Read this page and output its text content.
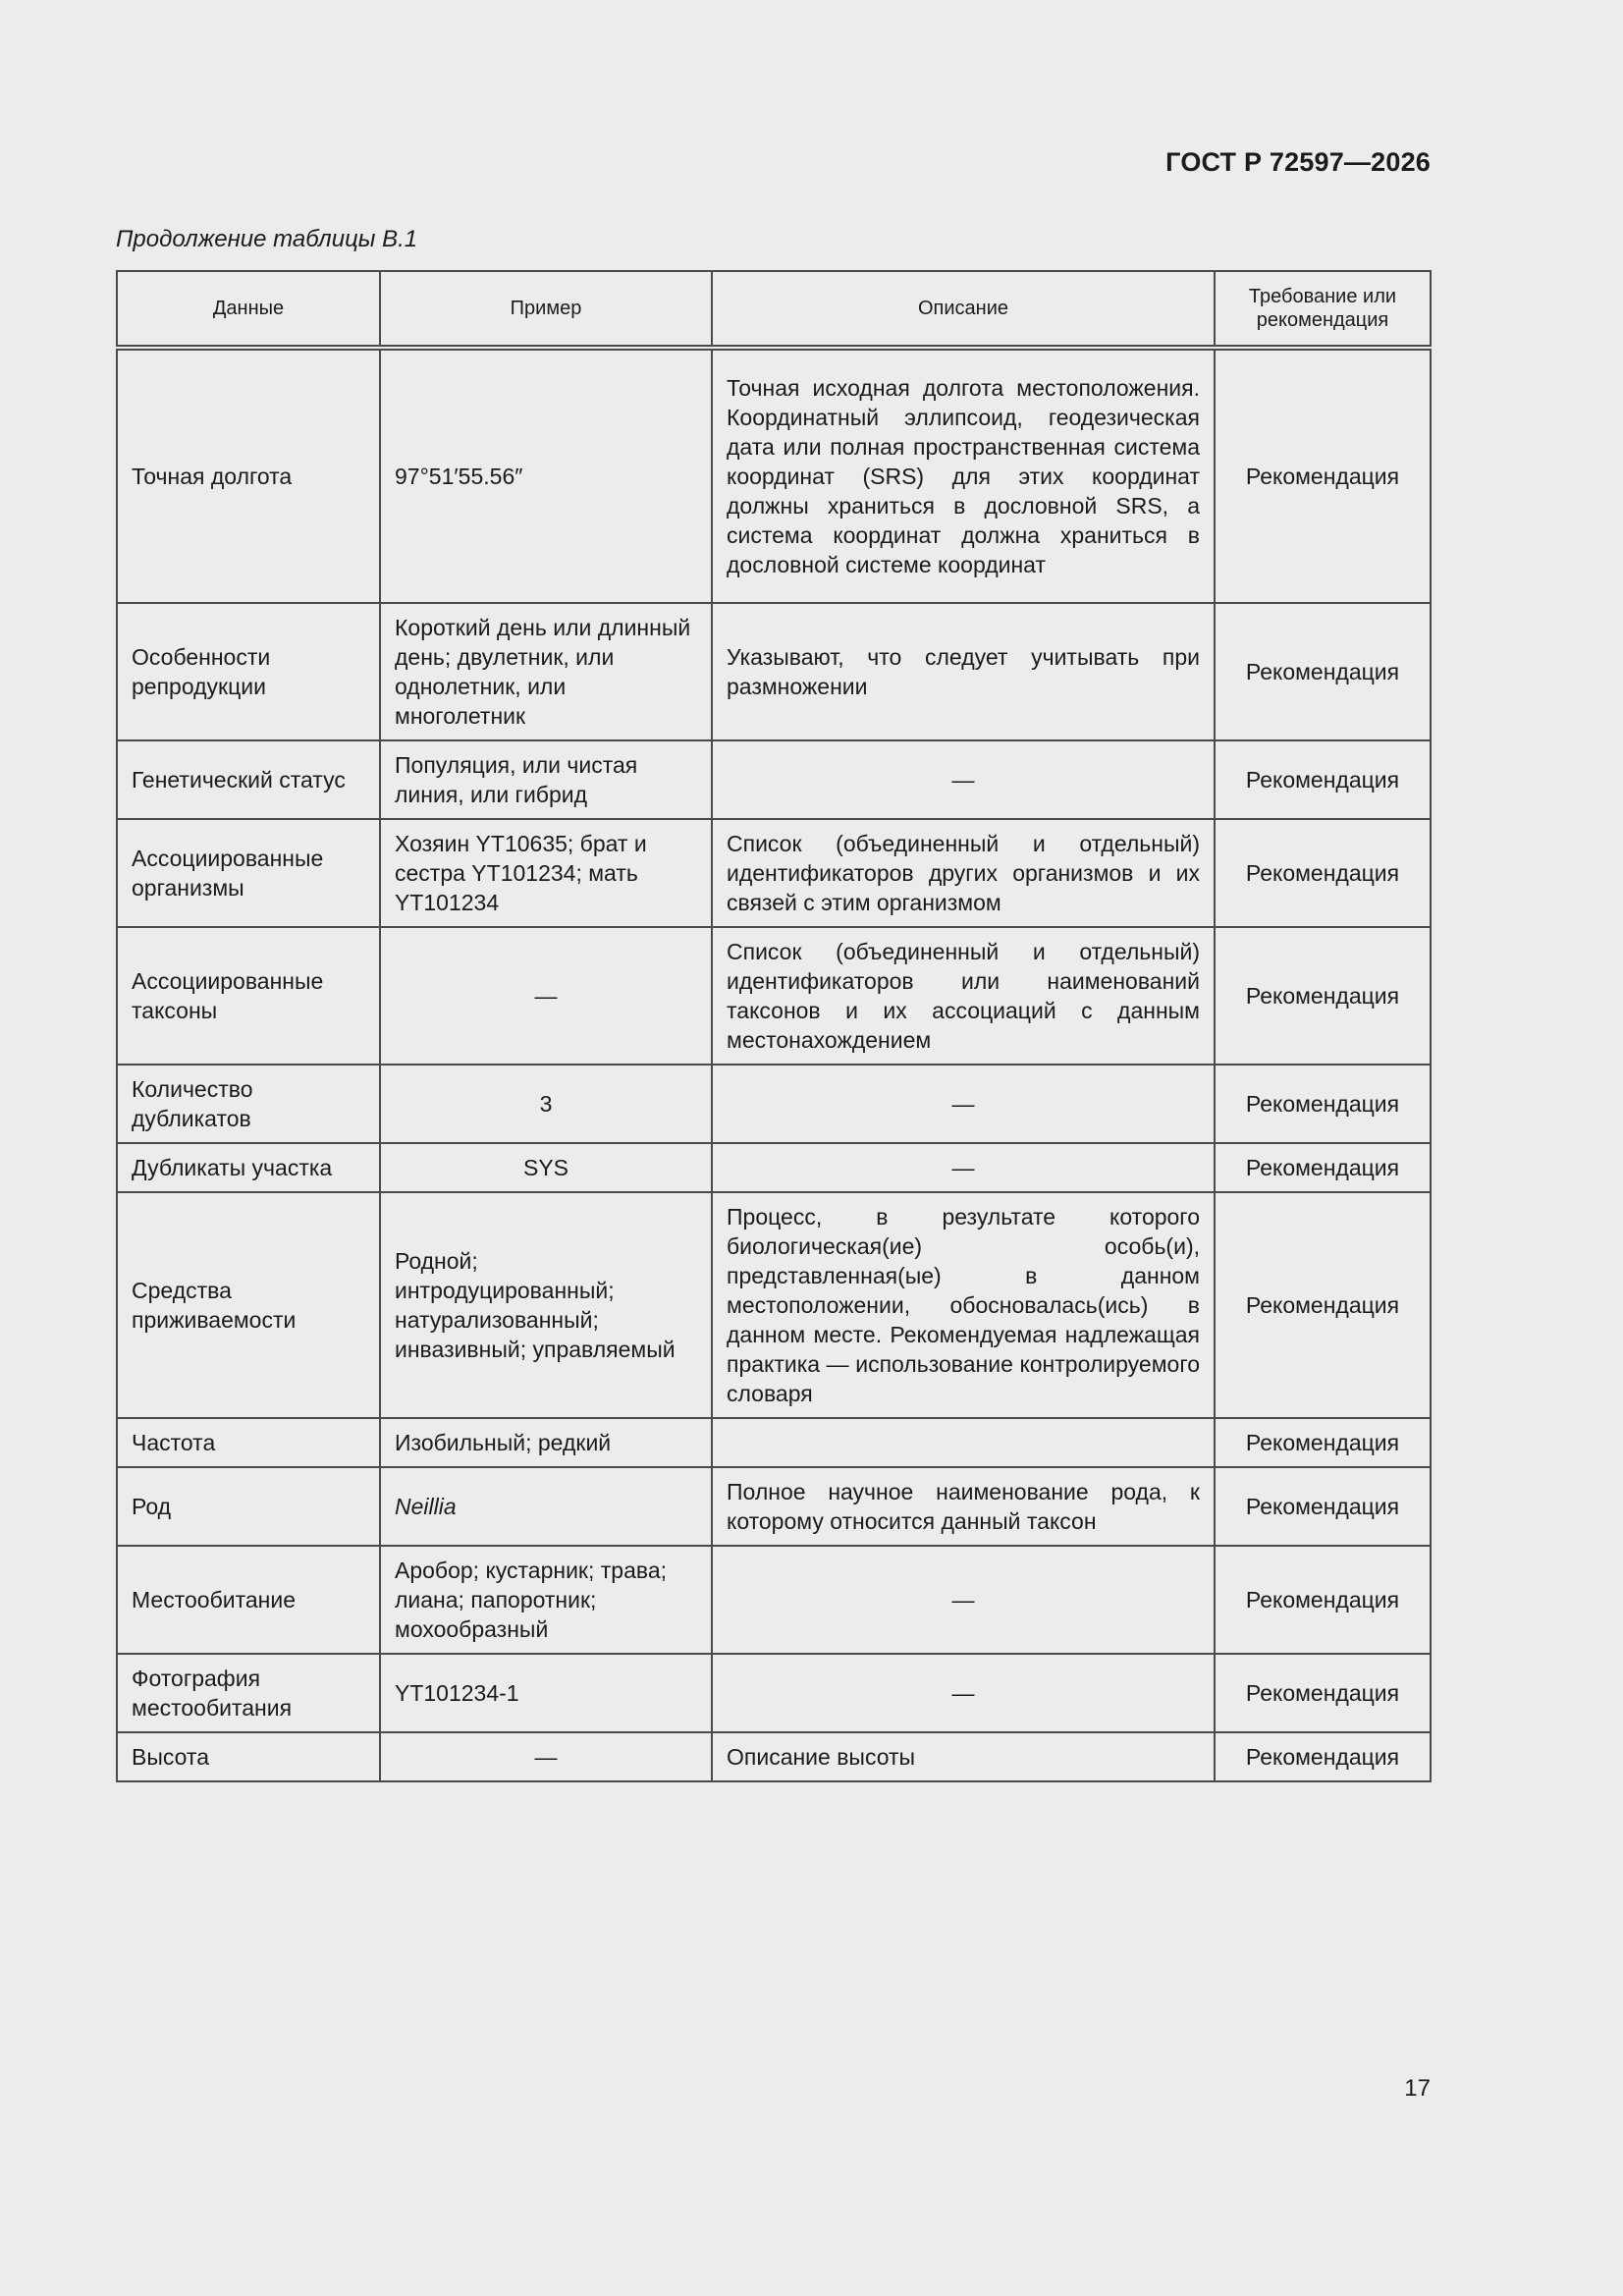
ГОСТ Р 72597—2026
Продолжение таблицы В.1
Данные	Пример	Описание	Требование или рекомендация
Точная долгота	97°51′55.56″	Точная исходная долгота местоположения. Координатный эллипсоид, геодезическая дата или полная пространственная система координат (SRS) для этих координат должны храниться в дословной SRS, а система координат должна храниться в дословной системе координат	Рекомендация
Особенности репродукции	Короткий день или длинный день; двулетник, или однолетник, или многолетник	Указывают, что следует учитывать при размножении	Рекомендация
Генетический статус	Популяция, или чистая линия, или гибрид	—	Рекомендация
Ассоциированные организмы	Хозяин YT10635; брат и сестра YT101234; мать YT101234	Список (объединенный и отдельный) идентификаторов других организмов и их связей с этим организмом	Рекомендация
Ассоциированные таксоны	—	Список (объединенный и отдельный) идентификаторов или наименований таксонов и их ассоциаций с данным местонахождением	Рекомендация
Количество дубликатов	3	—	Рекомендация
Дубликаты участка	SYS	—	Рекомендация
Средства приживаемости	Родной; интродуцированный; натурализованный; инвазивный; управляемый	Процесс, в результате которого биологическая(ие) особь(и), представленная(ые) в данном местоположении, обосновалась(ись) в данном месте. Рекомендуемая надлежащая практика — использование контролируемого словаря	Рекомендация
Частота	Изобильный; редкий		Рекомендация
Род	Neillia	Полное научное наименование рода, к которому относится данный таксон	Рекомендация
Местообитание	Аробор; кустарник; трава; лиана; папоротник; мохообразный	—	Рекомендация
Фотография местообитания	YT101234-1	—	Рекомендация
Высота	—	Описание высоты	Рекомендация
17
